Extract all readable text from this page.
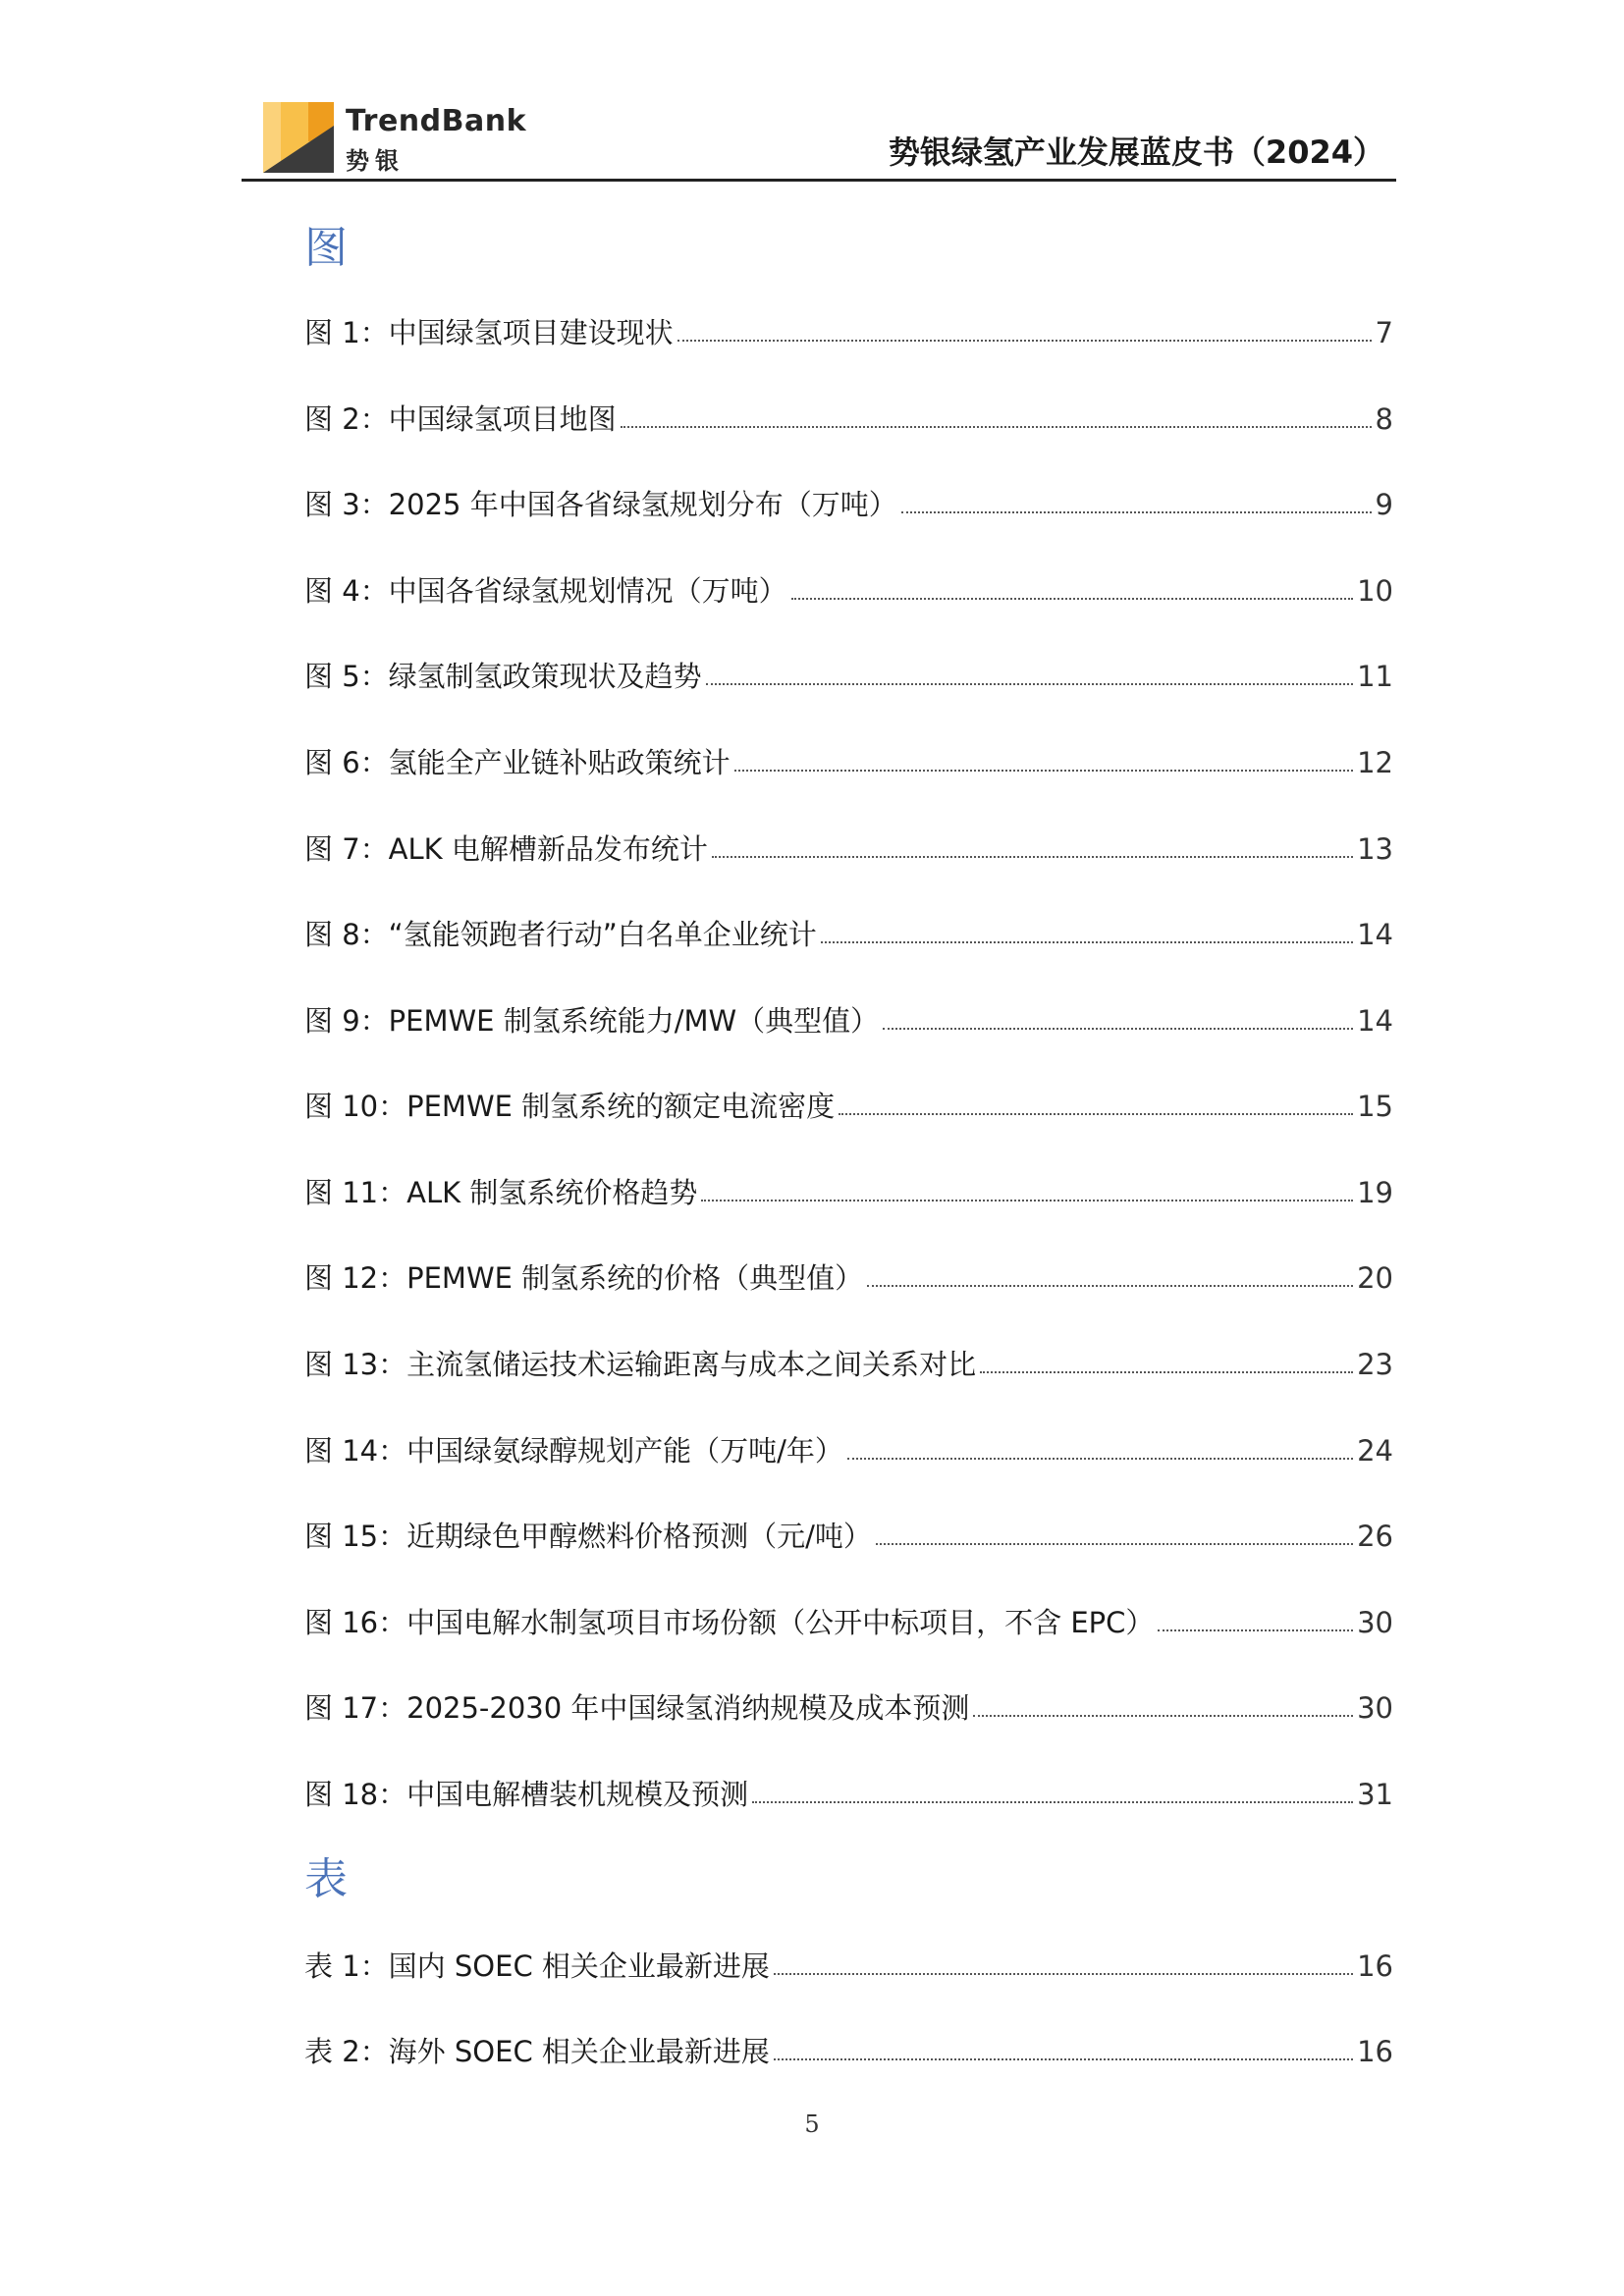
TrendBank
势银	势银绿氢产业发展蓝皮书（2024）
图
图 1：中国绿氢项目建设现状	7
图 2：中国绿氢项目地图	8
图 3：2025 年中国各省绿氢规划分布（万吨）	9
图 4：中国各省绿氢规划情况（万吨）	10
图 5：绿氢制氢政策现状及趋势	11
图 6：氢能全产业链补贴政策统计	12
图 7：ALK 电解槽新品发布统计	13
图 8：“氢能领跑者行动”白名单企业统计	14
图 9：PEMWE 制氢系统能力/MW（典型值）	14
图 10：PEMWE 制氢系统的额定电流密度	15
图 11：ALK 制氢系统价格趋势	19
图 12：PEMWE 制氢系统的价格（典型值）	20
图 13：主流氢储运技术运输距离与成本之间关系对比	23
图 14：中国绿氨绿醇规划产能（万吨/年）	24
图 15：近期绿色甲醇燃料价格预测（元/吨）	26
图 16：中国电解水制氢项目市场份额（公开中标项目，不含 EPC）	30
图 17：2025-2030 年中国绿氢消纳规模及成本预测	30
图 18：中国电解槽装机规模及预测	31
表
表 1：国内 SOEC 相关企业最新进展	16
表 2：海外 SOEC 相关企业最新进展	16
5
